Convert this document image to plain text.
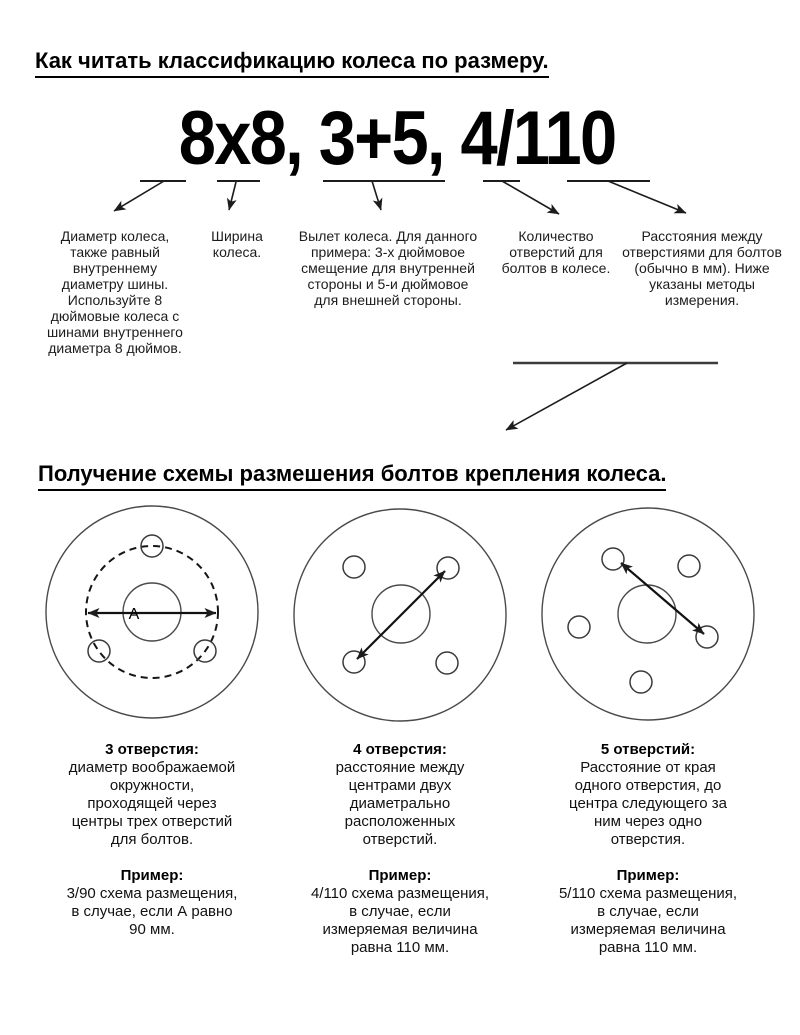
Как читать классификацию колеса по размеру.
8x8, 3+5, 4/110
Диаметр колеса, также равный внутреннему диаметру шины. Используйте 8 дюймовые колеса с шинами внутреннего диаметра 8 дюймов.
Ширина колеса.
Вылет колеса. Для данного примера: 3-х дюймовое смещение для внутренней стороны и 5-и дюймовое для внешней стороны.
Количество отверстий для болтов в колесе.
Расстояния между отверстиями для болтов (обычно в мм). Ниже указаны методы измерения.
Получение схемы размешения болтов крепления колеса.
A
3 отверстия:

диаметр воображаемой окружности, проходящей через центры трех отверстий для болтов.

Пример:

3/90 схема размещения, в случае, если А равно 90 мм.

4 отверстия:

расстояние между центрами двух диаметрально расположенных отверстий.

Пример:

4/110 схема размещения, в случае, если измеряемая величина равна 110 мм.

5 отверстий:

Расстояние от края одного отверстия, до центра следующего за ним через одно отверстия.

Пример:

5/110 схема размещения, в случае, если измеряемая величина равна 110 мм.
